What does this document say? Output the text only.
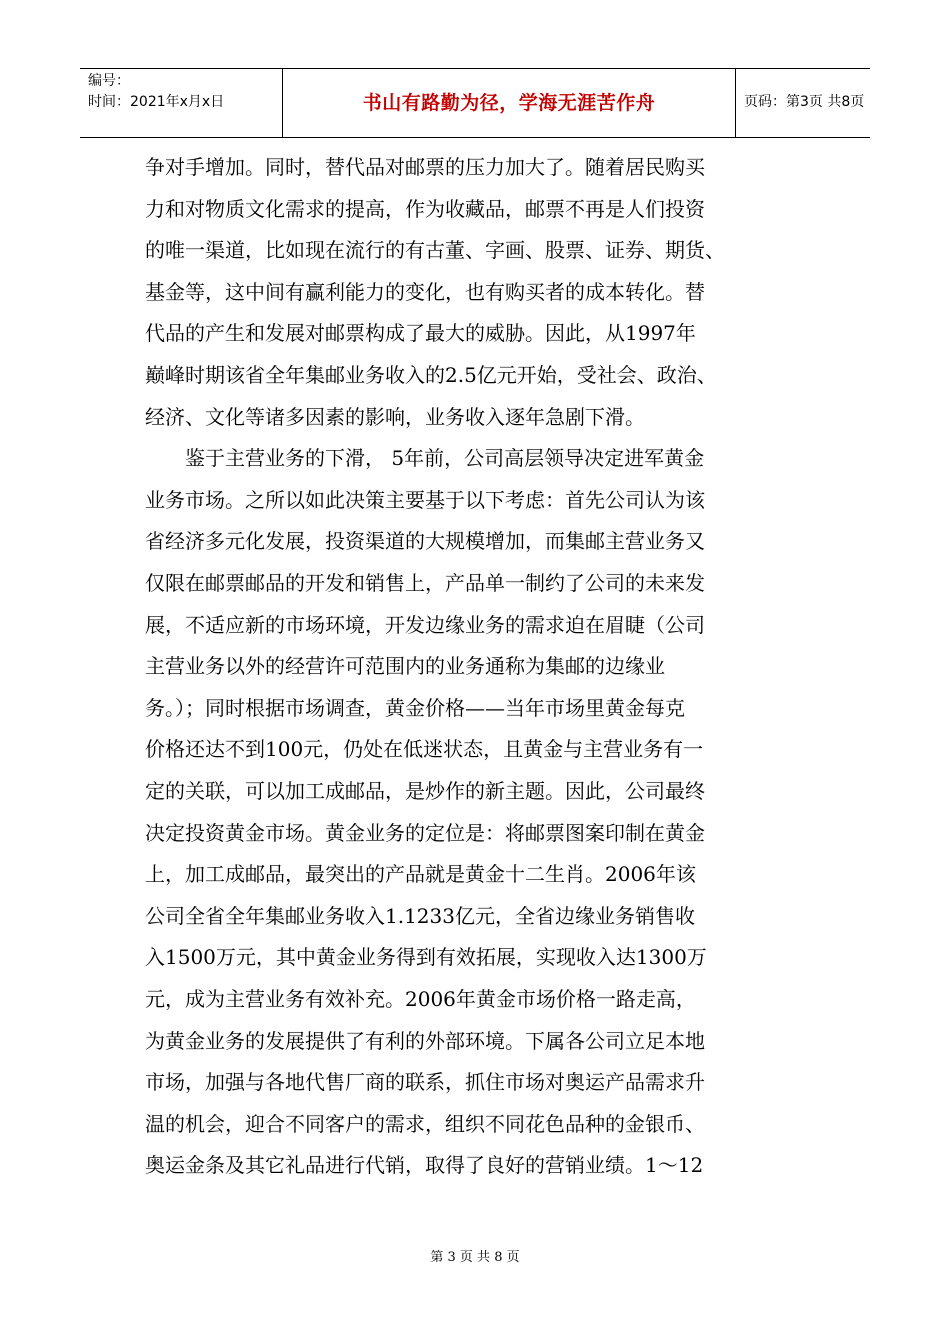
编号：
时间：2021年x月x日	书山有路勤为径，学海无涯苦作舟	页码：第3页 共8页
争对手增加。同时，替代品对邮票的压力加大了。随着居民购买
力和对物质文化需求的提高，作为收藏品，邮票不再是人们投资
的唯一渠道，比如现在流行的有古董、字画、股票、证券、期货、
基金等，这中间有赢利能力的变化，也有购买者的成本转化。替
代品的产生和发展对邮票构成了最大的威胁。因此，从1997年
巅峰时期该省全年集邮业务收入的2.5亿元开始，受社会、政治、
经济、文化等诸多因素的影响，业务收入逐年急剧下滑。
　　鉴于主营业务的下滑， 5年前，公司高层领导决定进军黄金
业务市场。之所以如此决策主要基于以下考虑：首先公司认为该
省经济多元化发展，投资渠道的大规模增加，而集邮主营业务又
仅限在邮票邮品的开发和销售上，产品单一制约了公司的未来发
展，不适应新的市场环境，开发边缘业务的需求迫在眉睫（公司
主营业务以外的经营许可范围内的业务通称为集邮的边缘业
务。）；同时根据市场调查，黄金价格——当年市场里黄金每克
价格还达不到100元，仍处在低迷状态，且黄金与主营业务有一
定的关联，可以加工成邮品，是炒作的新主题。因此，公司最终
决定投资黄金市场。黄金业务的定位是：将邮票图案印制在黄金
上，加工成邮品，最突出的产品就是黄金十二生肖。2006年该
公司全省全年集邮业务收入1.1233亿元，全省边缘业务销售收
入1500万元，其中黄金业务得到有效拓展，实现收入达1300万
元，成为主营业务有效补充。2006年黄金市场价格一路走高，
为黄金业务的发展提供了有利的外部环境。下属各公司立足本地
市场，加强与各地代售厂商的联系，抓住市场对奥运产品需求升
温的机会，迎合不同客户的需求，组织不同花色品种的金银币、
奥运金条及其它礼品进行代销，取得了良好的营销业绩。1～12
第 3 页 共 8 页
